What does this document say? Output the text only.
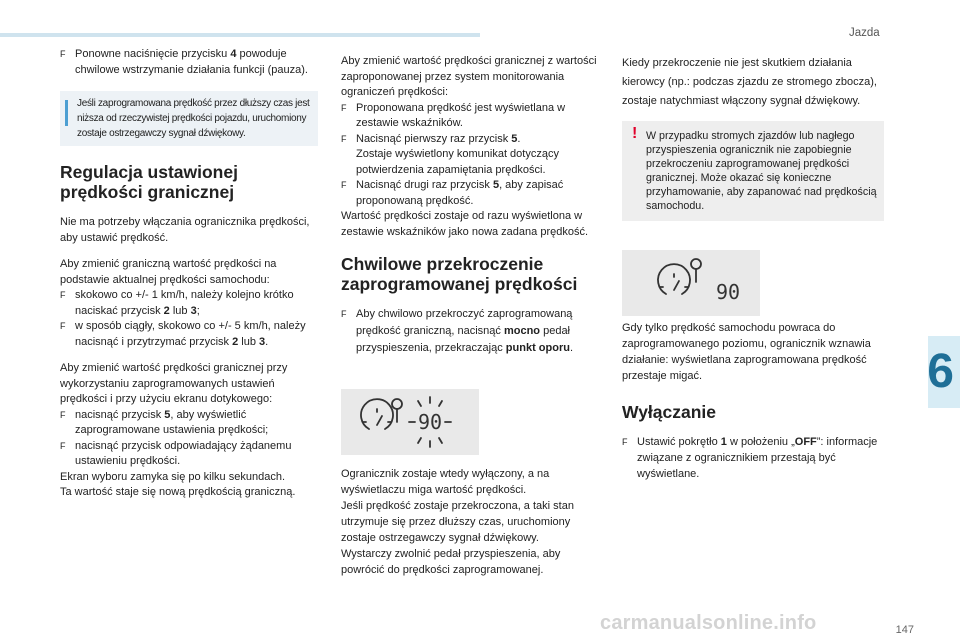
Jazda
6
147
carmanualsonline.info

F Ponowne naciśnięcie przycisku 4 powoduje chwilowe wstrzymanie działania funkcji (pauza).

Jeśli zaprogramowana prędkość przez dłuższy czas jest niższa od rzeczywistej prędkości pojazdu, uruchomiony zostaje ostrzegawczy sygnał dźwiękowy.
Regulacja ustawionej prędkości granicznej

Nie ma potrzeby włączania ogranicznika prędkości, aby ustawić prędkość.

Aby zmienić graniczną wartość prędkości na podstawie aktualnej prędkości samochodu:

F skokowo co +/- 1 km/h, należy kolejno krótko naciskać przycisk 2 lub 3;

F w sposób ciągły, skokowo co +/- 5 km/h, należy nacisnąć i przytrzymać przycisk 2 lub 3.

Aby zmienić wartość prędkości granicznej przy wykorzystaniu zaprogramowanych ustawień prędkości i przy użyciu ekranu dotykowego:

F nacisnąć przycisk 5, aby wyświetlić zaprogramowane ustawienia prędkości;

F nacisnąć przycisk odpowiadający żądanemu ustawieniu prędkości.

Ekran wyboru zamyka się po kilku sekundach.

Ta wartość staje się nową prędkością graniczną.

Aby zmienić wartość prędkości granicznej z wartości zaproponowanej przez system monitorowania ograniczeń prędkości:

F Proponowana prędkość jest wyświetlana w zestawie wskaźników.

F Nacisnąć pierwszy raz przycisk 5.
Zostaje wyświetlony komunikat dotyczący potwierdzenia zapamiętania prędkości.

F Nacisnąć drugi raz przycisk 5, aby zapisać proponowaną prędkość.

Wartość prędkości zostaje od razu wyświetlona w zestawie wskaźników jako nowa zadana prędkość.

Chwilowe przekroczenie zaprogramowanej prędkości

F Aby chwilowo przekroczyć zaprogramowaną prędkość graniczną, nacisnąć mocno pedał przyspieszenia, przekraczając punkt oporu.

90

Ogranicznik zostaje wtedy wyłączony, a na wyświetlaczu miga wartość prędkości.

Jeśli prędkość zostaje przekroczona, a taki stan utrzymuje się przez dłuższy czas, uruchomiony zostaje ostrzegawczy sygnał dźwiękowy.

Wystarczy zwolnić pedał przyspieszenia, aby powrócić do prędkości zaprogramowanej.

Kiedy przekroczenie nie jest skutkiem działania kierowcy (np.: podczas zjazdu ze stromego zbocza), zostaje natychmiast włączony sygnał dźwiękowy.

! W przypadku stromych zjazdów lub nagłego przyspieszenia ogranicznik nie zapobiegnie przekroczeniu zaprogramowanej prędkości granicznej. Może okazać się konieczne przyhamowanie, aby zapanować nad prędkością samochodu.
90

Gdy tylko prędkość samochodu powraca do zaprogramowanego poziomu, ogranicznik wznawia działanie: wyświetlana zaprogramowana prędkość przestaje migać.

Wyłączanie

F Ustawić pokrętło 1 w położeniu „OFF”: informacje związane z ogranicznikiem przestają być wyświetlane.
